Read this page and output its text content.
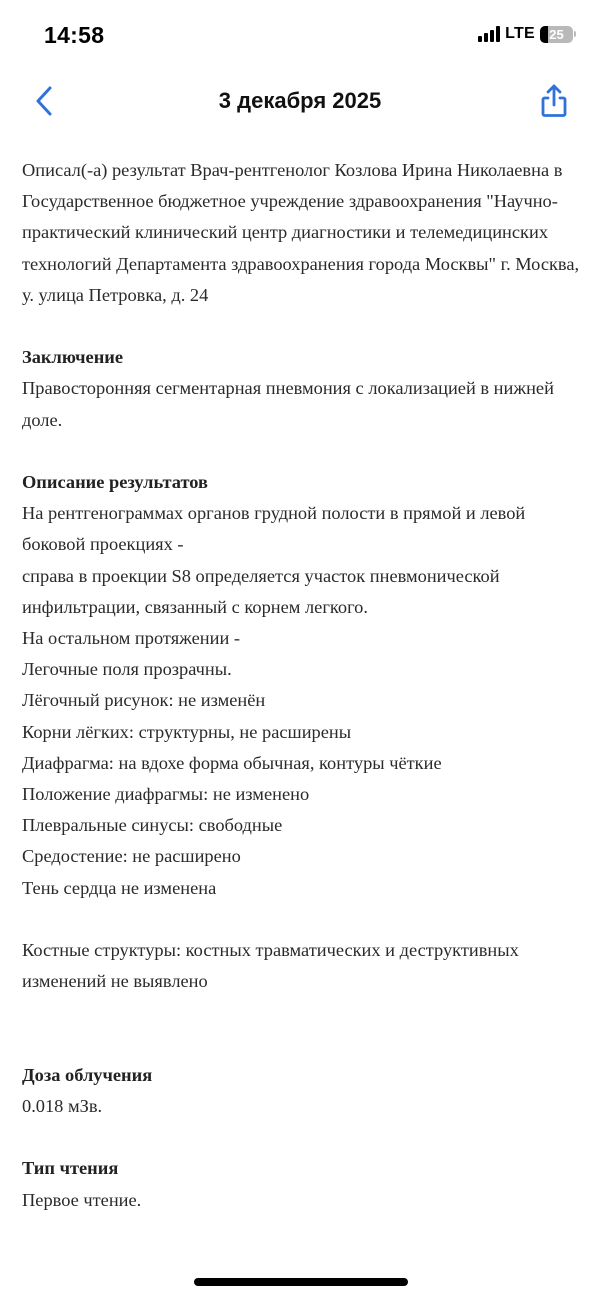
14:58	LTE 25
3 декабря 2025

Описал(-а) результат Врач-рентгенолог Козлова Ирина Николаевна в Государственное бюджетное учреждение здравоохранения "Научно-практический клинический центр диагностики и телемедицинских технологий Департамента здравоохранения города Москвы" г. Москва, у. улица Петровка, д. 24

Заключение

Правосторонняя сегментарная пневмония с локализацией в нижней доле.

Описание результатов

На рентгенограммах органов грудной полости в прямой и левой боковой проекциях -

справа в проекции S8 определяется участок пневмонической инфильтрации, связанный с корнем легкого.

На остальном протяжении -

Легочные поля прозрачны.

Лёгочный рисунок: не изменён

Корни лёгких: структурны, не расширены

Диафрагма: на вдохе форма обычная, контуры чёткие

Положение диафрагмы: не изменено

Плевральные синусы: свободные

Средостение: не расширено

Тень сердца не изменена

Костные структуры: костных травматических и деструктивных изменений не выявлено

Доза облучения

0.018 мЗв.

Тип чтения

Первое чтение.
